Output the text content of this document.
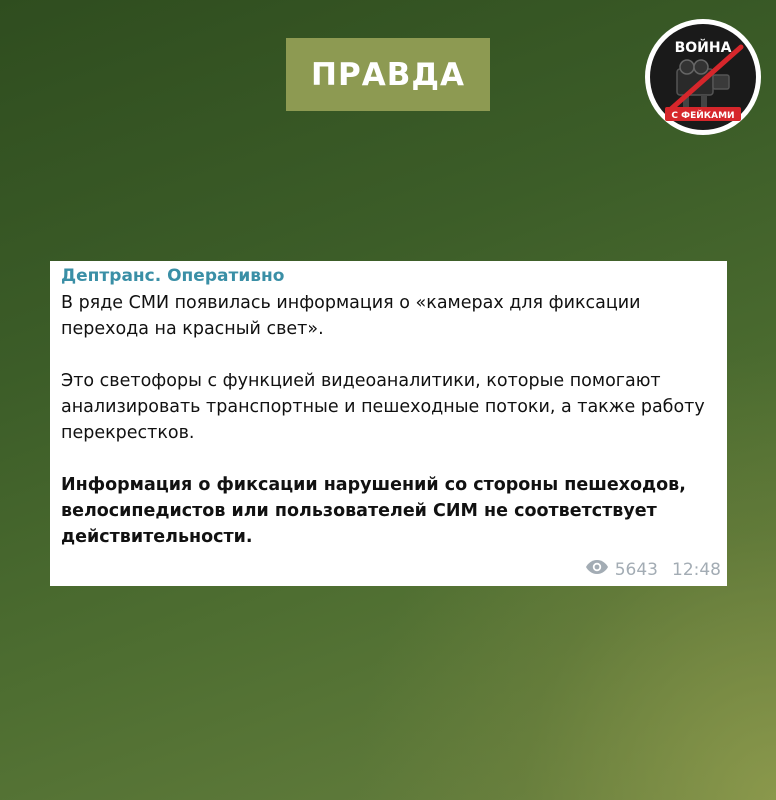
ПРАВДА
ВОЙНА
С ФЕЙКАМИ
Дептранс. Оперативно

В ряде СМИ появилась информация о «камерах для фиксации перехода на красный свет».

Это светофоры с функцией видеоаналитики, которые помогают анализировать транспортные и пешеходные потоки, а также работу перекрестков.

Информация о фиксации нарушений со стороны пешеходов, велосипедистов или пользователей СИМ не соответствует действительности.

5643 12:48
